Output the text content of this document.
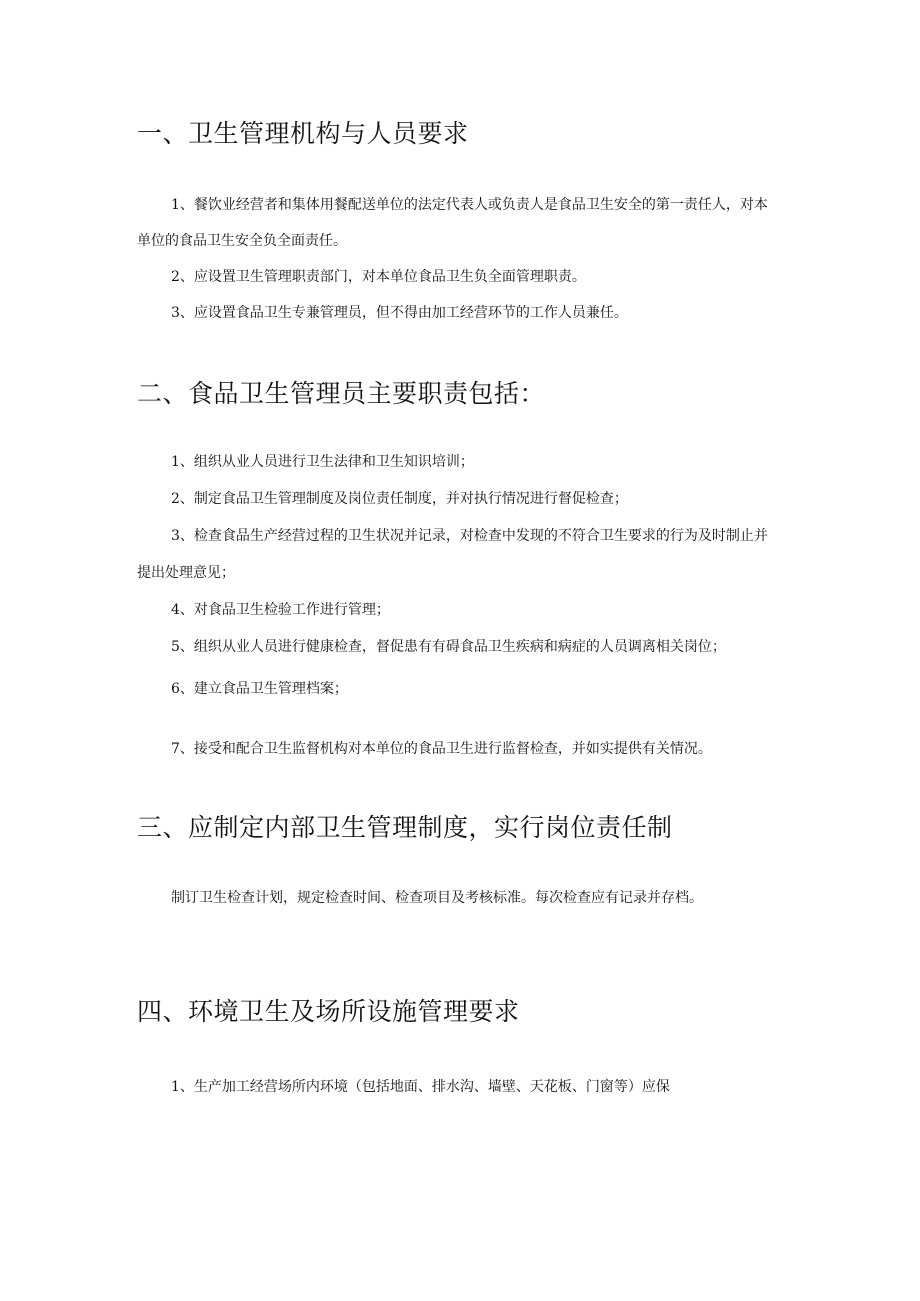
一、卫生管理机构与人员要求

1、餐饮业经营者和集体用餐配送单位的法定代表人或负责人是食品卫生安全的第一责任人，对本

单位的食品卫生安全负全面责任。

2、应设置卫生管理职责部门，对本单位食品卫生负全面管理职责。

3、应设置食品卫生专兼管理员，但不得由加工经营环节的工作人员兼任。

二、食品卫生管理员主要职责包括：

1、组织从业人员进行卫生法律和卫生知识培训；

2、制定食品卫生管理制度及岗位责任制度，并对执行情况进行督促检查；

3、检查食品生产经营过程的卫生状况并记录，对检查中发现的不符合卫生要求的行为及时制止并

提出处理意见；

4、对食品卫生检验工作进行管理；

5、组织从业人员进行健康检查，督促患有有碍食品卫生疾病和病症的人员调离相关岗位；

6、建立食品卫生管理档案；

7、接受和配合卫生监督机构对本单位的食品卫生进行监督检查，并如实提供有关情况。

三、应制定内部卫生管理制度，实行岗位责任制

制订卫生检查计划，规定检查时间、检查项目及考核标准。每次检查应有记录并存档。

四、环境卫生及场所设施管理要求

1、生产加工经营场所内环境（包括地面、排水沟、墙壁、天花板、门窗等）应保
